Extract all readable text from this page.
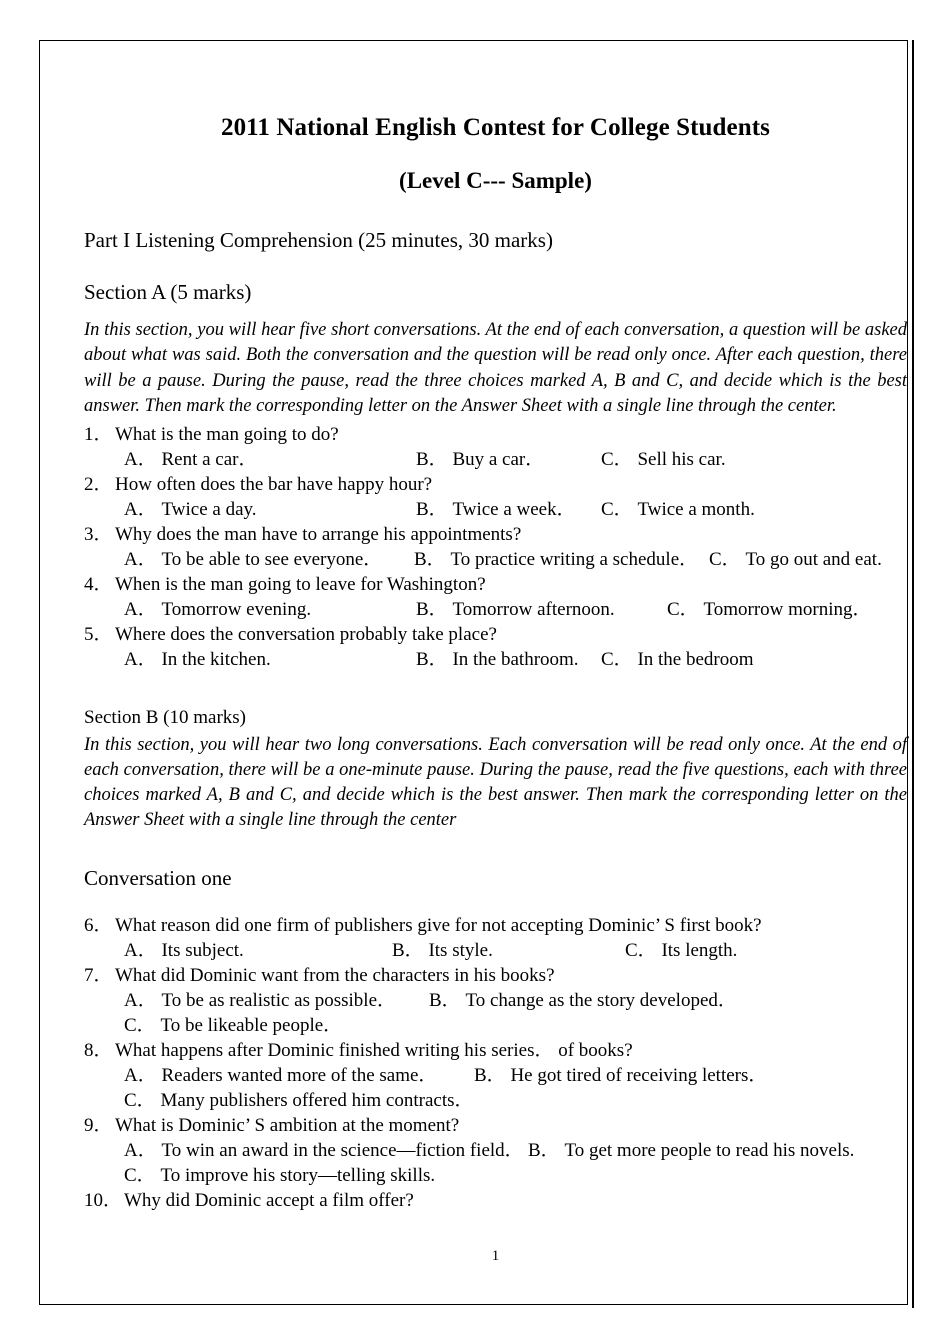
2011 National English Contest for College Students
(Level C--- Sample)

Part I Listening Comprehension (25 minutes, 30 marks)

Section A (5 marks)

In this section, you will hear five short conversations. At the end of each conversation, a question will be asked about what was said. Both the conversation and the question will be read only once. After each question, there will be a pause. During the pause, read the three choices marked A, B and C, and decide which is the best answer. Then mark the corresponding letter on the Answer Sheet with a single line through the center.

1． What is the man going to do?

A． Rent a car．	B． Buy a car．	C． Sell his car.

2． How often does the bar have happy hour?

A． Twice a day.	B． Twice a week． C． Twice a month.

3． Why does the man have to arrange his appointments?

A． To be able to see everyone． B． To practice writing a schedule． C． To go out and eat.

4． When is the man going to leave for Washington?

A． Tomorrow evening.	B． Tomorrow afternoon.	C． Tomorrow morning．

5． Where does the conversation probably take place?

A． In the kitchen.	B． In the bathroom. C． In the bedroom

Section B (10 marks)

In this section, you will hear two long conversations. Each conversation will be read only once. At the end of each conversation, there will be a one-minute pause. During the pause, read the five questions, each with three choices marked A, B and C, and decide which is the best answer. Then mark the corresponding letter on the Answer Sheet with a single line through the center

Conversation one

6． What reason did one firm of publishers give for not accepting Dominic’ S first book?

A． Its subject.	B． Its style.	C． Its length.

7． What did Dominic want from the characters in his books?

A． To be as realistic as possible． B． To change as the story developed．
C． To be likeable people．

8． What happens after Dominic finished writing his series． of books?

A． Readers wanted more of the same． B． He got tired of receiving letters．
C． Many publishers offered him contracts．

9． What is Dominic’ S ambition at the moment?

A． To win an award in the science—fiction field． B． To get more people to read his novels.
C． To improve his story—telling skills.

10． Why did Dominic accept a film offer?

1
